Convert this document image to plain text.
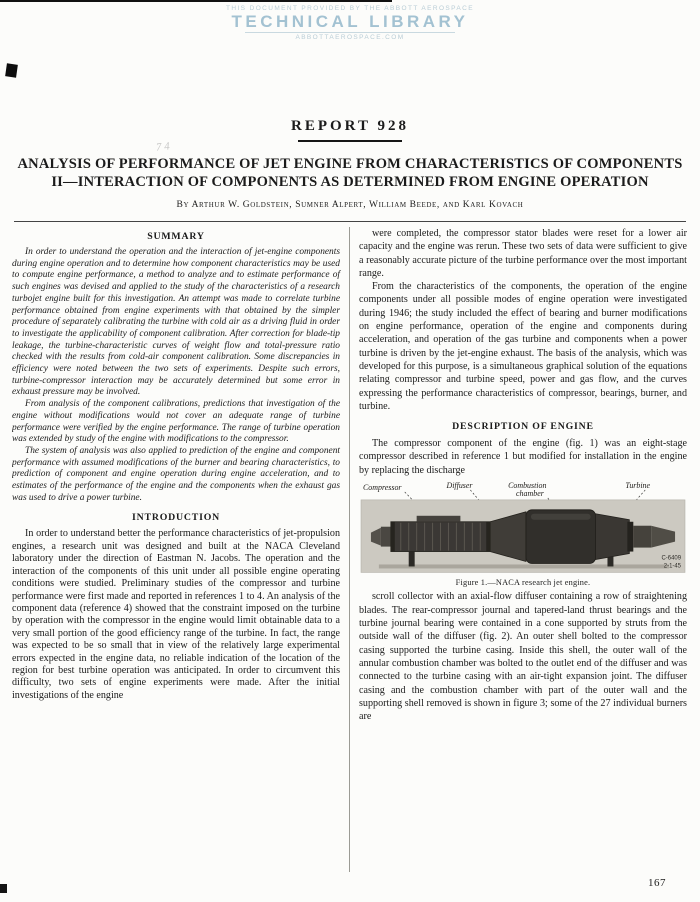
THIS DOCUMENT PROVIDED BY THE ABBOTT AEROSPACE
TECHNICAL LIBRARY
ABBOTTAEROSPACE.COM
7 4
REPORT 928
ANALYSIS OF PERFORMANCE OF JET ENGINE FROM CHARACTERISTICS OF COMPONENTS
II—INTERACTION OF COMPONENTS AS DETERMINED FROM ENGINE OPERATION
By Arthur W. Goldstein, Sumner Alpert, William Beede, and Karl Kovach
SUMMARY

In order to understand the operation and the interaction of jet-engine components during engine operation and to determine how component characteristics may be used to compute engine performance, a method to analyze and to estimate performance of such engines was devised and applied to the study of the characteristics of a research turbojet engine built for this investigation. An attempt was made to correlate turbine performance obtained from engine experiments with that obtained by the simpler procedure of separately calibrating the turbine with cold air as a driving fluid in order to investigate the applicability of component calibration. After correction for blade-tip leakage, the turbine-characteristic curves of weight flow and total-pressure ratio checked with the results from cold-air component calibration. Some discrepancies in efficiency were noted between the two sets of experiments. Despite such errors, turbine-compressor interaction may be accurately determined but some error in exhaust pressure may be involved.

From analysis of the component calibrations, predictions that investigation of the engine without modifications would not cover an adequate range of turbine performance were verified by the engine performance. The range of turbine operation was extended by study of the engine with modifications to the compressor.

The system of analysis was also applied to prediction of the engine and component performance with assumed modifications of the burner and bearing characteristics, to prediction of component and engine operation during engine acceleration, and to estimates of the performance of the engine and the components when the exhaust gas was used to drive a power turbine.

INTRODUCTION

In order to understand better the performance characteristics of jet-propulsion engines, a research unit was designed and built at the NACA Cleveland laboratory under the direction of Eastman N. Jacobs. The operation and the interaction of the components of this unit under all possible engine operating conditions were studied. Preliminary studies of the compressor and turbine performance were first made and reported in references 1 to 4. An analysis of the component data (reference 4) showed that the constraint imposed on the turbine by operation with the compressor in the engine would limit obtainable data to a very small portion of the good efficiency range of the turbine. In fact, the range was expected to be so small that in view of the relatively large experimental errors expected in the engine data, no reliable indication of the location of the region for best turbine operation was anticipated. In order to circumvent this difficulty, two sets of engine experiments were made. After the initial investigations of the engine

were completed, the compressor stator blades were reset for a lower air capacity and the engine was rerun. These two sets of data were sufficient to give a reasonably accurate picture of the turbine performance over the most important range.

From the characteristics of the components, the operation of the engine components under all possible modes of engine operation were investigated during 1946; the study included the effect of bearing and burner modifications on engine performance, operation of the engine and components during acceleration, and operation of the gas turbine and components when a power turbine is driven by the jet-engine exhaust. The basis of the analysis, which was developed for this purpose, is a simultaneous graphical solution of the equations relating compressor and turbine speed, power and gas flow, and the curves expressing the performance characteristics of compressor, bearings, burner, and turbine.

DESCRIPTION OF ENGINE

The compressor component of the engine (fig. 1) was an eight-stage compressor described in reference 1 but modified for installation in the engine by replacing the discharge

Compressor	Diffuser	Combustion
chamber
Turbine
C-6409
2-1-45
Figure 1.—NACA research jet engine.

scroll collector with an axial-flow diffuser containing a row of straightening blades. The rear-compressor journal and tapered-land thrust bearings and the turbine journal bearing were contained in a cone supported by struts from the outside wall of the diffuser (fig. 2). An outer shell bolted to the compressor casing supported the turbine casing. Inside this shell, the outer wall of the annular combustion chamber was bolted to the outlet end of the diffuser and was connected to the turbine casing with an air-tight expansion joint. The diffuser casing and the combustion chamber with part of the outer wall and the supporting shell removed is shown in figure 3; some of the 27 individual burners are

167
